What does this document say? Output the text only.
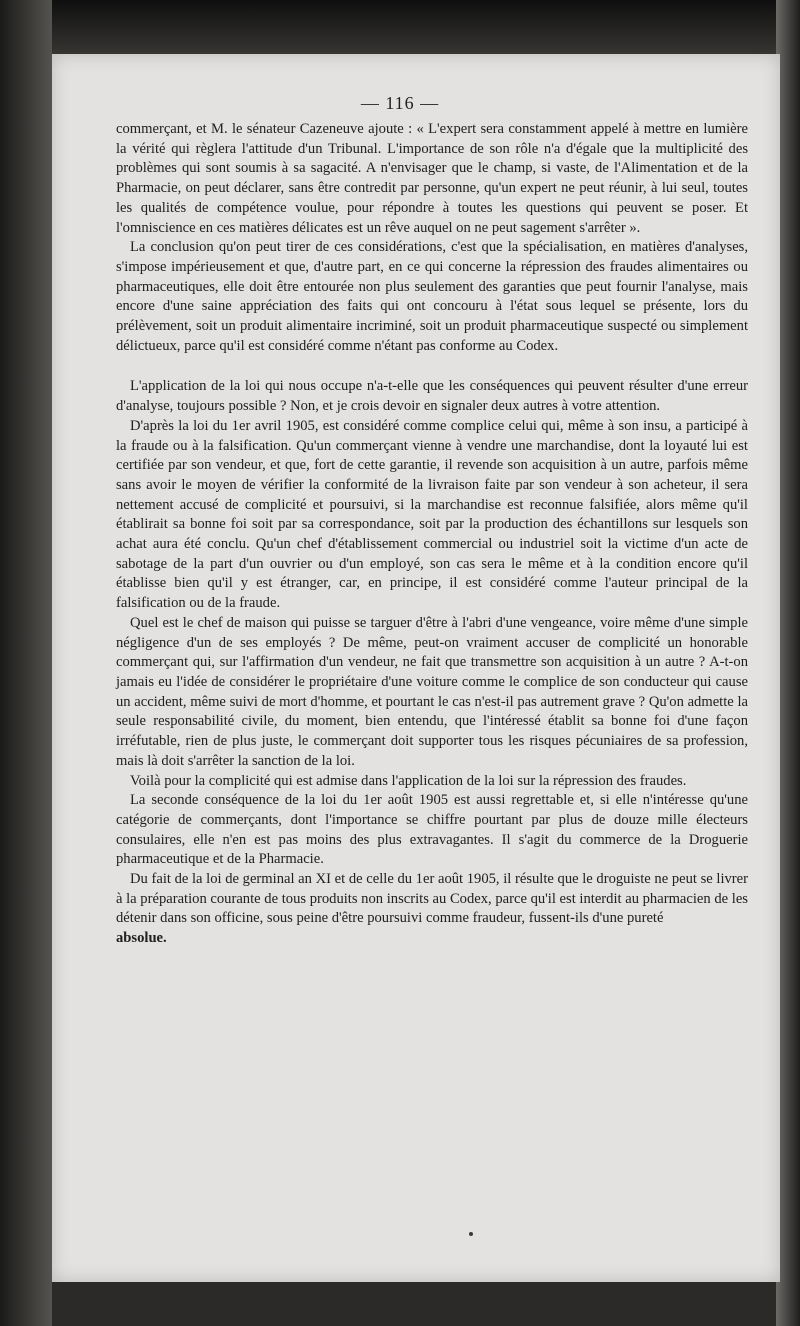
— 116 —

commerçant, et M. le sénateur Cazeneuve ajoute : « L'expert sera constamment appelé à mettre en lumière la vérité qui règlera l'attitude d'un Tribunal. L'importance de son rôle n'a d'égale que la multiplicité des problèmes qui sont soumis à sa sagacité. A n'envisager que le champ, si vaste, de l'Alimentation et de la Pharmacie, on peut déclarer, sans être contredit par personne, qu'un expert ne peut réunir, à lui seul, toutes les qualités de compétence voulue, pour répondre à toutes les questions qui peuvent se poser. Et l'omniscience en ces matières délicates est un rêve auquel on ne peut sagement s'arrêter ».

La conclusion qu'on peut tirer de ces considérations, c'est que la spécialisation, en matières d'analyses, s'impose impérieusement et que, d'autre part, en ce qui concerne la répression des fraudes alimentaires ou pharmaceutiques, elle doit être entourée non plus seulement des garanties que peut fournir l'analyse, mais encore d'une saine appréciation des faits qui ont concouru à l'état sous lequel se présente, lors du prélèvement, soit un produit alimentaire incriminé, soit un produit pharmaceutique suspecté ou simplement délictueux, parce qu'il est considéré comme n'étant pas conforme au Codex.

L'application de la loi qui nous occupe n'a-t-elle que les conséquences qui peuvent résulter d'une erreur d'analyse, toujours possible ? Non, et je crois devoir en signaler deux autres à votre attention.

D'après la loi du 1er avril 1905, est considéré comme complice celui qui, même à son insu, a participé à la fraude ou à la falsification. Qu'un commerçant vienne à vendre une marchandise, dont la loyauté lui est certifiée par son vendeur, et que, fort de cette garantie, il revende son acquisition à un autre, parfois même sans avoir le moyen de vérifier la conformité de la livraison faite par son vendeur à son acheteur, il sera nettement accusé de complicité et poursuivi, si la marchandise est reconnue falsifiée, alors même qu'il établirait sa bonne foi soit par sa correspondance, soit par la production des échantillons sur lesquels son achat aura été conclu. Qu'un chef d'établissement commercial ou industriel soit la victime d'un acte de sabotage de la part d'un ouvrier ou d'un employé, son cas sera le même et à la condition encore qu'il établisse bien qu'il y est étranger, car, en principe, il est considéré comme l'auteur principal de la falsification ou de la fraude.

Quel est le chef de maison qui puisse se targuer d'être à l'abri d'une vengeance, voire même d'une simple négligence d'un de ses employés ? De même, peut-on vraiment accuser de complicité un honorable commerçant qui, sur l'affirmation d'un vendeur, ne fait que transmettre son acquisition à un autre ? A-t-on jamais eu l'idée de considérer le propriétaire d'une voiture comme le complice de son conducteur qui cause un accident, même suivi de mort d'homme, et pourtant le cas n'est-il pas autrement grave ? Qu'on admette la seule responsabilité civile, du moment, bien entendu, que l'intéressé établit sa bonne foi d'une façon irréfutable, rien de plus juste, le commerçant doit supporter tous les risques pécuniaires de sa profession, mais là doit s'arrêter la sanction de la loi.

Voilà pour la complicité qui est admise dans l'application de la loi sur la répression des fraudes.

La seconde conséquence de la loi du 1er août 1905 est aussi regrettable et, si elle n'intéresse qu'une catégorie de commerçants, dont l'importance se chiffre pourtant par plus de douze mille électeurs consulaires, elle n'en est pas moins des plus extravagantes. Il s'agit du commerce de la Droguerie pharmaceutique et de la Pharmacie.

Du fait de la loi de germinal an XI et de celle du 1er août 1905, il résulte que le droguiste ne peut se livrer à la préparation courante de tous produits non inscrits au Codex, parce qu'il est interdit au pharmacien de les détenir dans son officine, sous peine d'être poursuivi comme fraudeur, fussent-ils d'une pureté

absolue.
